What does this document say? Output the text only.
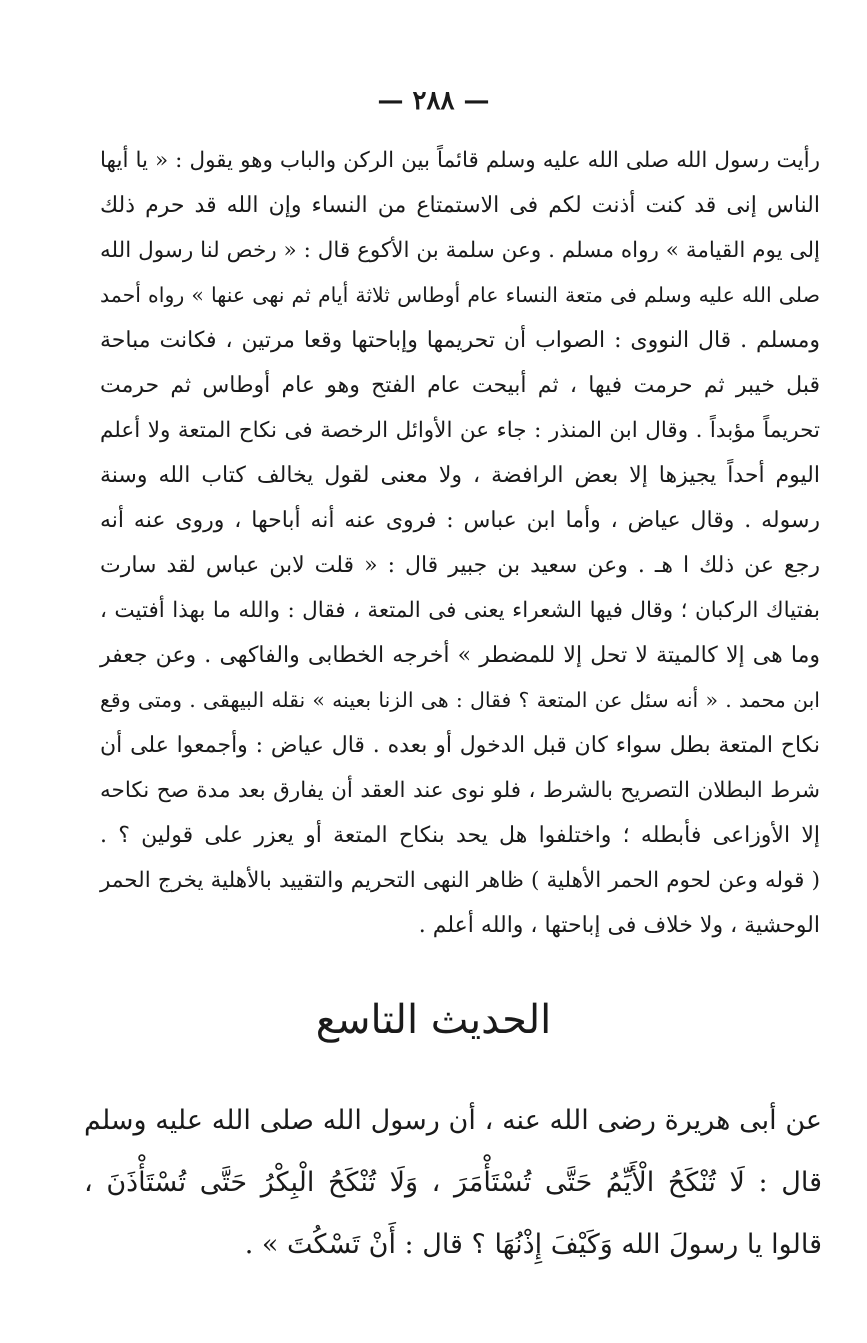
— ٢٨٨ —
رأيت رسول الله صلى الله عليه وسلم قائماً بين الركن والباب وهو يقول : « يا أيها
الناس إنى قد كنت أذنت لكم فى الاستمتاع من النساء وإن الله قد حرم ذلك
إلى يوم القيامة » رواه مسلم . وعن سلمة بن الأكوع قال : « رخص لنا رسول الله
صلى الله عليه وسلم فى متعة النساء عام أوطاس ثلاثة أيام ثم نهى عنها » رواه أحمد
ومسلم . قال النووى : الصواب أن تحريمها وإباحتها وقعا مرتين ، فكانت مباحة
قبل خيبر ثم حرمت فيها ، ثم أبيحت عام الفتح وهو عام أوطاس ثم حرمت
تحريماً مؤبداً . وقال ابن المنذر : جاء عن الأوائل الرخصة فى نكاح المتعة ولا أعلم
اليوم أحداً يجيزها إلا بعض الرافضة ، ولا معنى لقول يخالف كتاب الله وسنة
رسوله . وقال عياض ، وأما ابن عباس : فروى عنه أنه أباحها ، وروى عنه أنه
رجع عن ذلك ا هـ . وعن سعيد بن جبير قال : « قلت لابن عباس لقد سارت
بفتياك الركبان ؛ وقال فيها الشعراء يعنى فى المتعة ، فقال : والله ما بهذا أفتيت ،
وما هى إلا كالميتة لا تحل إلا للمضطر » أخرجه الخطابى والفاكهى . وعن جعفر
ابن محمد . « أنه سئل عن المتعة ؟ فقال : هى الزنا بعينه » نقله البيهقى . ومتى وقع
نكاح المتعة بطل سواء كان قبل الدخول أو بعده . قال عياض : وأجمعوا على أن
شرط البطلان التصريح بالشرط ، فلو نوى عند العقد أن يفارق بعد مدة صح نكاحه
إلا الأوزاعى فأبطله ؛ واختلفوا هل يحد بنكاح المتعة أو يعزر على قولين ؟ .
( قوله وعن لحوم الحمر الأهلية ) ظاهر النهى التحريم والتقييد بالأهلية يخرج الحمر
الوحشية ، ولا خلاف فى إباحتها ، والله أعلم .
الحديث التاسع
عن أبى هريرة رضى الله عنه ، أن رسول الله صلى الله عليه وسلم
قال : لَا تُنْكَحُ الْأَيِّمُ حَتَّى تُسْتَأْمَرَ ، وَلَا تُنْكَحُ الْبِكْرُ حَتَّى تُسْتَأْذَنَ ،
قالوا يا رسولَ الله وَكَيْفَ إِذْنُهَا ؟ قال : أَنْ تَسْكُتَ » .
